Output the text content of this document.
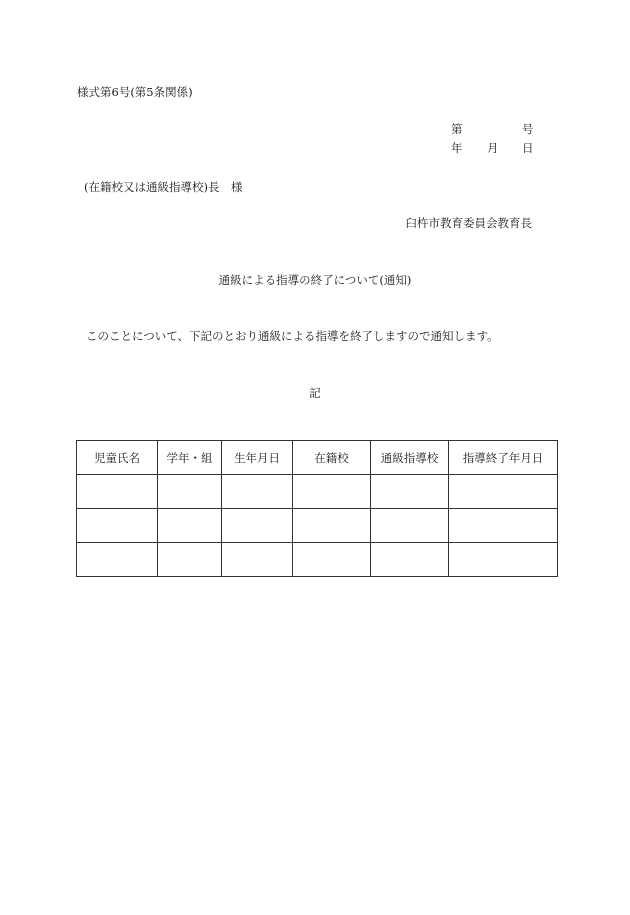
様式第6号(第5条関係)
第	号
年 月 日
(在籍校又は通級指導校)長　様
臼杵市教育委員会教育長
通級による指導の終了について(通知)
このことについて、下記のとおり通級による指導を終了しますので通知します。
記
児童氏名	学年・組	生年月日	在籍校	通級指導校	指導終了年月日
